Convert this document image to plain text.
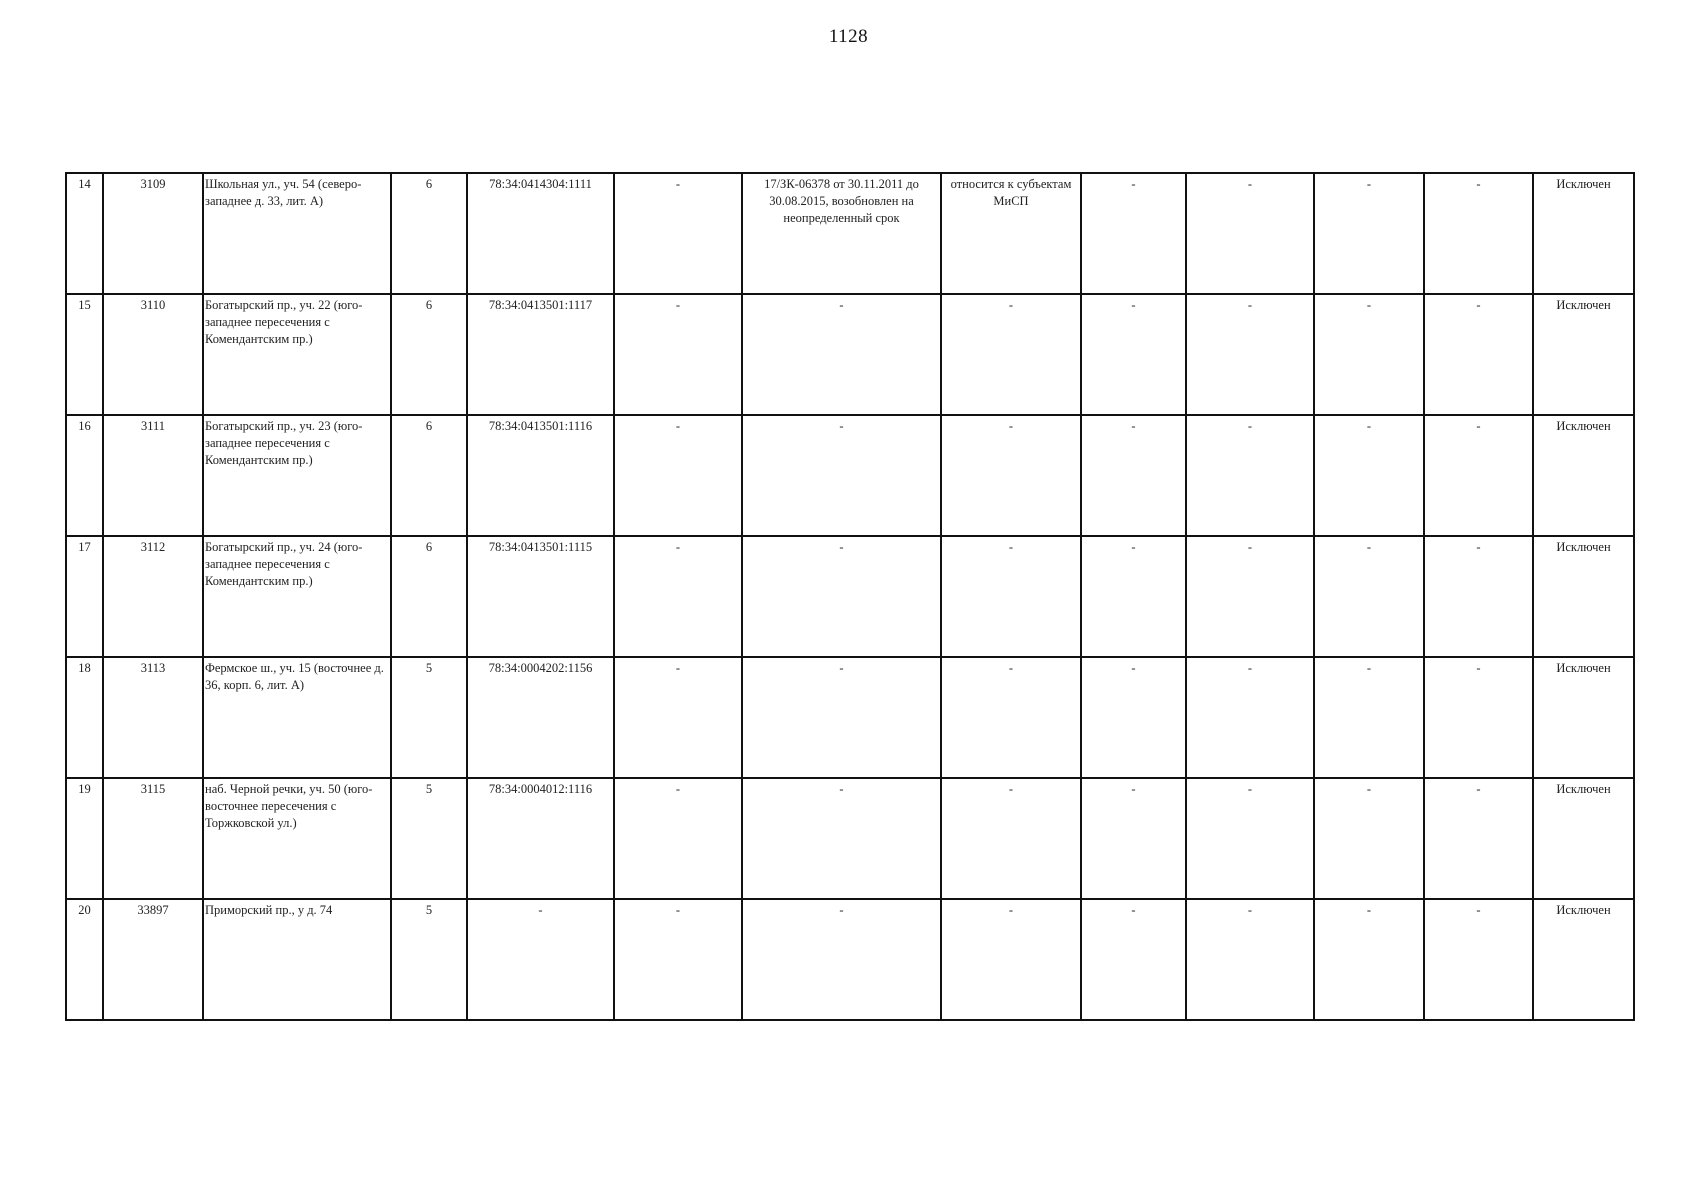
1128
14	3109	Школьная ул., уч. 54 (северо-западнее д. 33, лит. А)	6	78:34:0414304:1111	-	17/ЗК-06378 от 30.11.2011 до 30.08.2015, возобновлен на неопределенный срок	относится к субъектам МиСП	-	-	-	-	Исключен
15	3110	Богатырский пр., уч. 22 (юго-западнее пересечения с Комендантским пр.)	6	78:34:0413501:1117	-	-	-	-	-	-	-	Исключен
16	3111	Богатырский пр., уч. 23 (юго-западнее пересечения с Комендантским пр.)	6	78:34:0413501:1116	-	-	-	-	-	-	-	Исключен
17	3112	Богатырский пр., уч. 24 (юго-западнее пересечения с Комендантским пр.)	6	78:34:0413501:1115	-	-	-	-	-	-	-	Исключен
18	3113	Фермское ш., уч. 15 (восточнее д. 36, корп. 6, лит. А)	5	78:34:0004202:1156	-	-	-	-	-	-	-	Исключен
19	3115	наб. Черной речки, уч. 50 (юго-восточнее пересечения с Торжковской ул.)	5	78:34:0004012:1116	-	-	-	-	-	-	-	Исключен
20	33897	Приморский пр., у д. 74	5	-	-	-	-	-	-	-	-	Исключен
